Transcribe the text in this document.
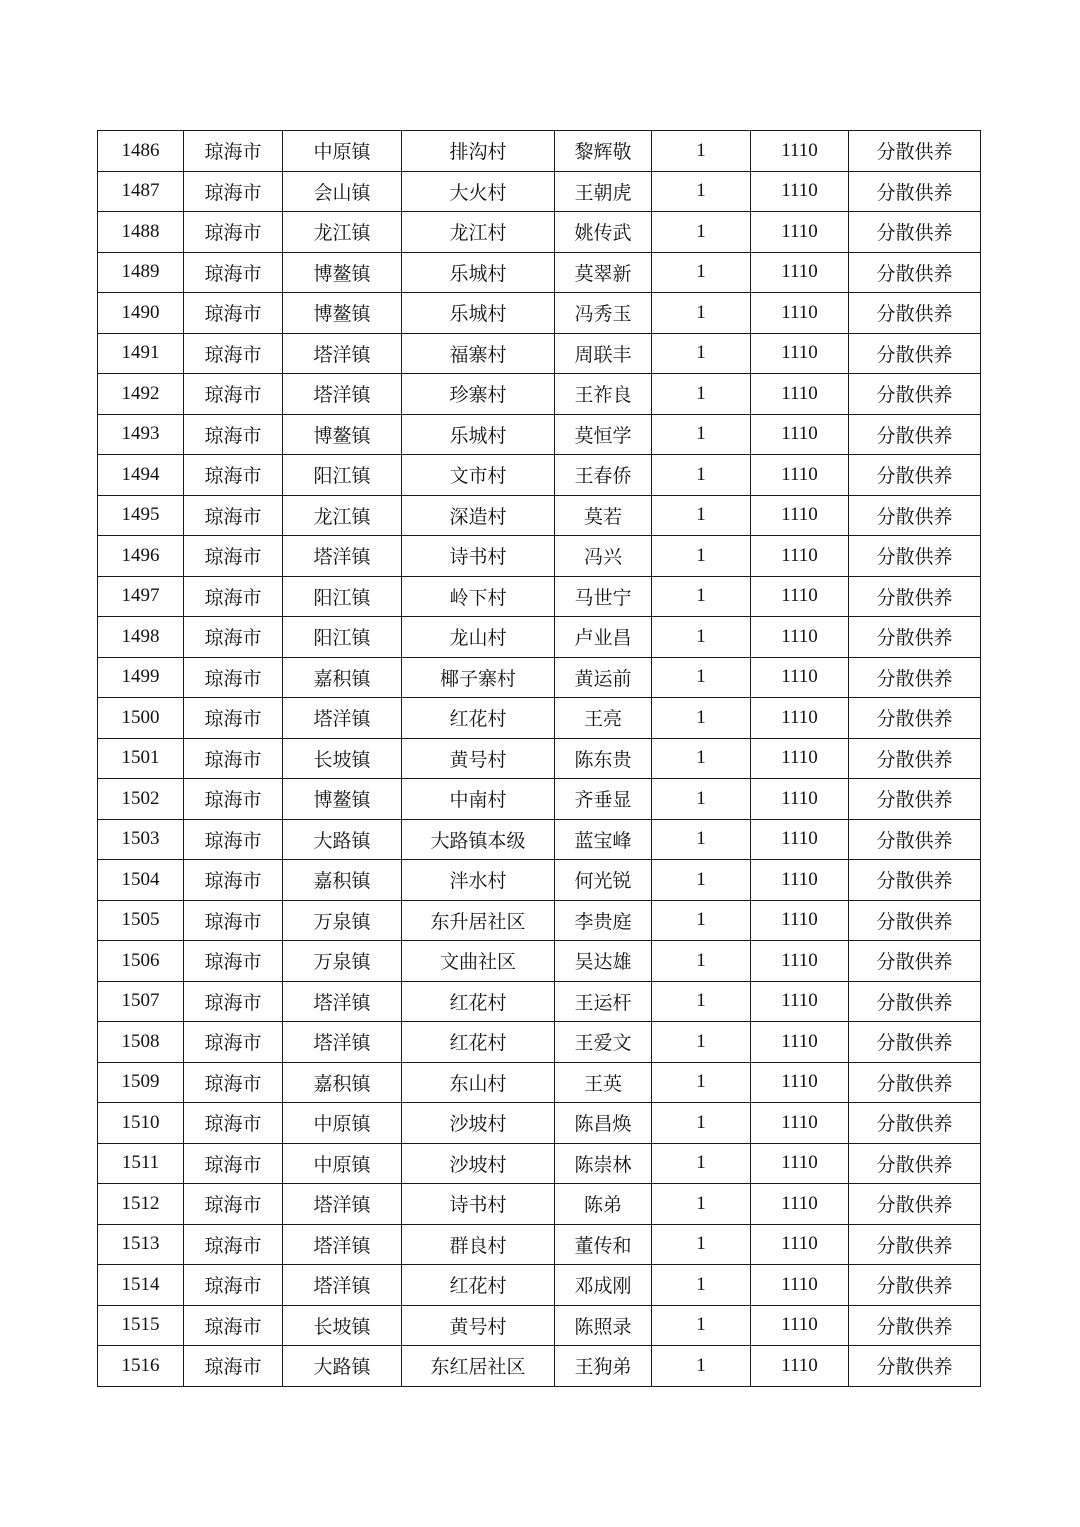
1486	琼海市	中原镇	排沟村	黎辉敬	1	1110	分散供养
1487	琼海市	会山镇	大火村	王朝虎	1	1110	分散供养
1488	琼海市	龙江镇	龙江村	姚传武	1	1110	分散供养
1489	琼海市	博鳌镇	乐城村	莫翠新	1	1110	分散供养
1490	琼海市	博鳌镇	乐城村	冯秀玉	1	1110	分散供养
1491	琼海市	塔洋镇	福寨村	周联丰	1	1110	分散供养
1492	琼海市	塔洋镇	珍寨村	王祚良	1	1110	分散供养
1493	琼海市	博鳌镇	乐城村	莫恒学	1	1110	分散供养
1494	琼海市	阳江镇	文市村	王春侨	1	1110	分散供养
1495	琼海市	龙江镇	深造村	莫若	1	1110	分散供养
1496	琼海市	塔洋镇	诗书村	冯兴	1	1110	分散供养
1497	琼海市	阳江镇	岭下村	马世宁	1	1110	分散供养
1498	琼海市	阳江镇	龙山村	卢业昌	1	1110	分散供养
1499	琼海市	嘉积镇	椰子寨村	黄运前	1	1110	分散供养
1500	琼海市	塔洋镇	红花村	王亮	1	1110	分散供养
1501	琼海市	长坡镇	黄号村	陈东贵	1	1110	分散供养
1502	琼海市	博鳌镇	中南村	齐垂显	1	1110	分散供养
1503	琼海市	大路镇	大路镇本级	蓝宝峰	1	1110	分散供养
1504	琼海市	嘉积镇	泮水村	何光锐	1	1110	分散供养
1505	琼海市	万泉镇	东升居社区	李贵庭	1	1110	分散供养
1506	琼海市	万泉镇	文曲社区	吴达雄	1	1110	分散供养
1507	琼海市	塔洋镇	红花村	王运杆	1	1110	分散供养
1508	琼海市	塔洋镇	红花村	王爱文	1	1110	分散供养
1509	琼海市	嘉积镇	东山村	王英	1	1110	分散供养
1510	琼海市	中原镇	沙坡村	陈昌焕	1	1110	分散供养
1511	琼海市	中原镇	沙坡村	陈崇林	1	1110	分散供养
1512	琼海市	塔洋镇	诗书村	陈弟	1	1110	分散供养
1513	琼海市	塔洋镇	群良村	董传和	1	1110	分散供养
1514	琼海市	塔洋镇	红花村	邓成刚	1	1110	分散供养
1515	琼海市	长坡镇	黄号村	陈照录	1	1110	分散供养
1516	琼海市	大路镇	东红居社区	王狗弟	1	1110	分散供养
